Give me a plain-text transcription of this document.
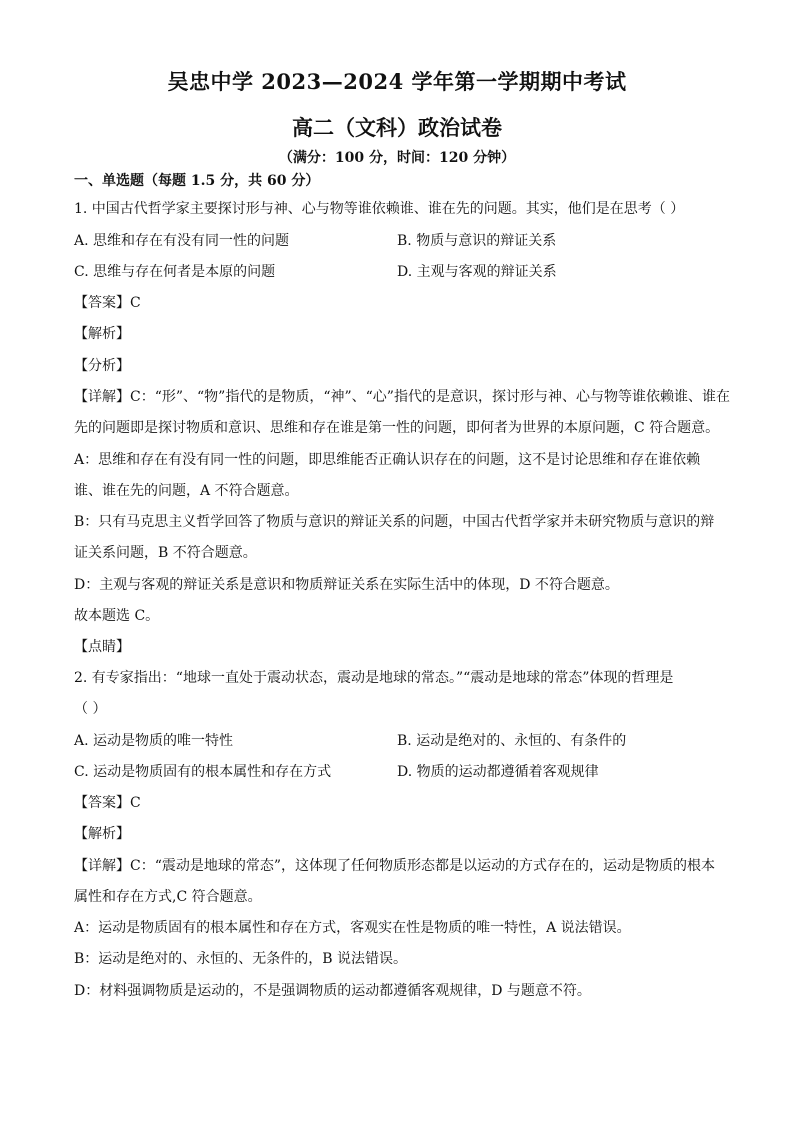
吴忠中学 2023—2024 学年第一学期期中考试
高二（文科）政治试卷
（满分：100 分，时间：120 分钟）
一、单选题（每题 1.5 分，共 60 分）
1. 中国古代哲学家主要探讨形与神、心与物等谁依赖谁、谁在先的问题。其实，他们是在思考（ ）
A. 思维和存在有没有同一性的问题	B. 物质与意识的辩证关系
C. 思维与存在何者是本原的问题	D. 主观与客观的辩证关系
【答案】C
【解析】
【分析】
【详解】C：“形”、“物”指代的是物质，“神”、“心”指代的是意识，探讨形与神、心与物等谁依赖谁、谁在
先的问题即是探讨物质和意识、思维和存在谁是第一性的问题，即何者为世界的本原问题，C 符合题意。
A：思维和存在有没有同一性的问题，即思维能否正确认识存在的问题，这不是讨论思维和存在谁依赖
谁、谁在先的问题，A 不符合题意。
B：只有马克思主义哲学回答了物质与意识的辩证关系的问题，中国古代哲学家并未研究物质与意识的辩
证关系问题，B 不符合题意。
D：主观与客观的辩证关系是意识和物质辩证关系在实际生活中的体现，D 不符合题意。
故本题选 C。
【点睛】
2. 有专家指出：“地球一直处于震动状态，震动是地球的常态。”“震动是地球的常态”体现的哲理是
（ ）
A. 运动是物质的唯一特性	B. 运动是绝对的、永恒的、有条件的
C. 运动是物质固有的根本属性和存在方式	D. 物质的运动都遵循着客观规律
【答案】C
【解析】
【详解】C：“震动是地球的常态”，这体现了任何物质形态都是以运动的方式存在的，运动是物质的根本
属性和存在方式,C 符合题意。
A：运动是物质固有的根本属性和存在方式，客观实在性是物质的唯一特性，A 说法错误。
B：运动是绝对的、永恒的、无条件的，B 说法错误。
D：材料强调物质是运动的，不是强调物质的运动都遵循客观规律，D 与题意不符。
